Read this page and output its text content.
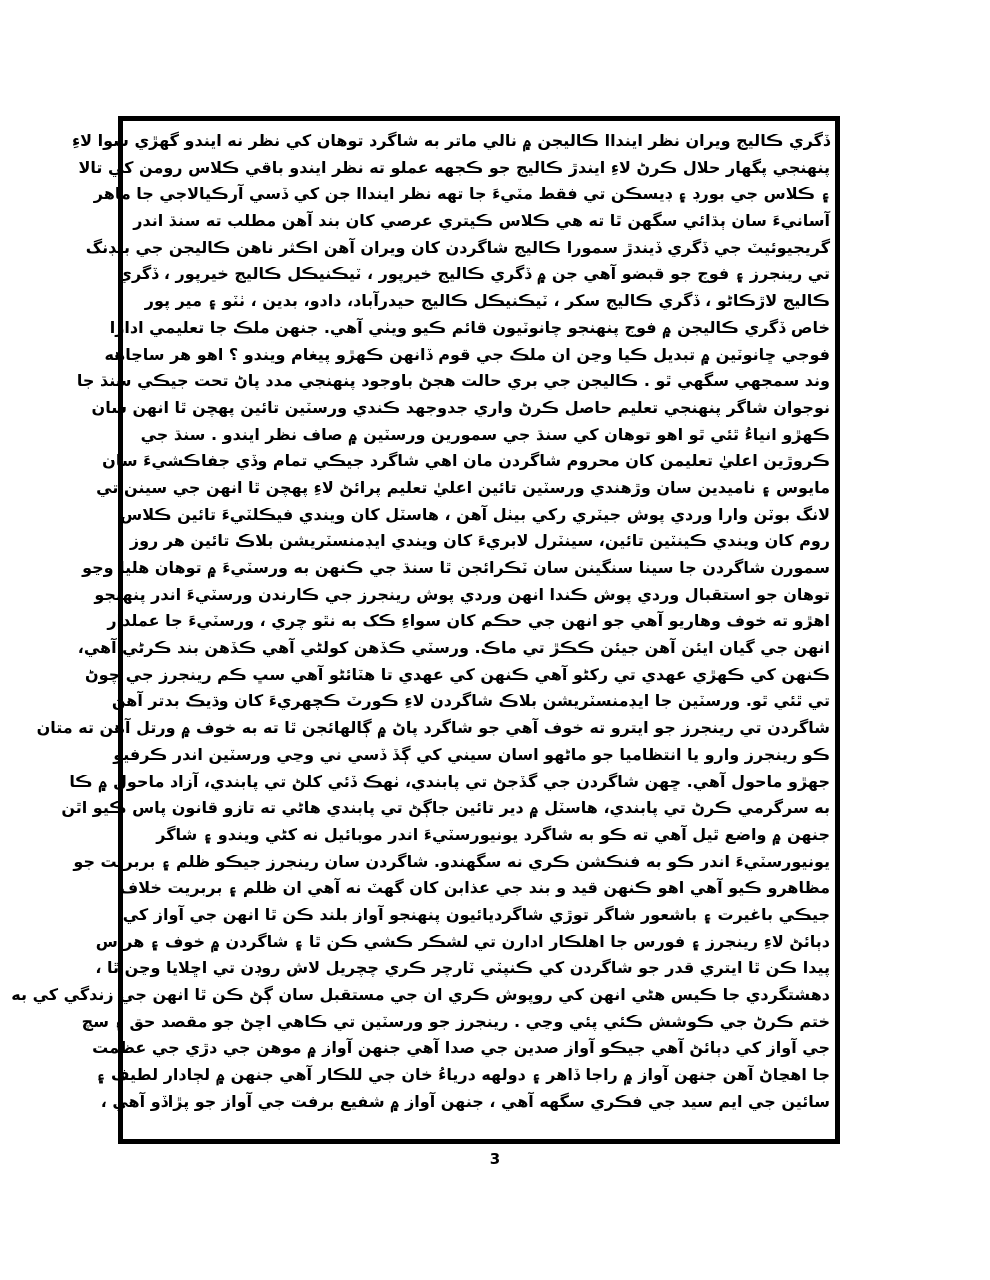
ڏگري ڪاليج ويران نظر اينداا ڪاليجن ۾ نالي ماتر به شاگرد توهان کي نظر نه ايندو گهڙي سوا لاءِ
پنهنجي پگهار حلال ڪرڻ لاءِ ايندڙ ڪاليج جو ڪجهه عملو ته نظر ايندو باقي ڪلاس رومن کي تالا
۽ ڪلاس جي بورڊ ۽ ڊيسڪن تي فقط مٽيءَ جا تهه نظر اينداا جن کي ڏسي آرڪيالاجي جا ماهر
آسانيءَ سان ٻڌائي سگهن ٿا ته هي ڪلاس ڪيتري عرصي کان بند آهن مطلب ته سنڌ اندر
گريجيوئيٽ جي ڏگري ڏيندڙ سمورا ڪاليج شاگردن کان ويران آهن اڪثر ناهن ڪاليجن جي بلڊنگ
تي رينجرز ۽ فوج جو قبضو آهي جن ۾ ڏگري ڪاليج خيرپور ، ٽيڪنيڪل ڪاليج خيرپور ، ڏگري
ڪاليج لاڙڪاڻو ، ڏگري ڪاليج سکر ، ٽيڪنيڪل ڪاليج حيدرآباد، دادو، بدين ، ٺٽو ۽ مير پور
خاص ڏگري ڪاليجن ۾ فوج پنهنجو چانوٽيون قائم ڪيو ويٺي آهي. جنهن ملڪ جا تعليمي ادارا
فوجي ڇانوٽين ۾ تبديل ڪيا وڃن ان ملڪ جي قوم ڏانهن ڪهڙو پيغام ويندو ؟ اهو هر ساڃاهه
وند سمجهي سگهي ٿو . ڪاليجن جي بري حالت هجڻ باوجود پنهنجي مدد پاڻ تحت جيڪي سنڌ جا
نوجوان شاگر پنهنجي تعليم حاصل ڪرڻ واري جدوجهد ڪندي ورسٽين تائين پهچن ٿا انهن سان
ڪهڙو انياءُ ٿئي ٿو اهو توهان کي سنڌ جي سمورين ورسٽين ۾ صاف نظر ايندو . سنڌ جي
ڪروڙين اعليٰ تعليمن کان محروم شاگردن مان اهي شاگرد جيڪي تمام وڏي جفاڪشيءَ سان
مايوس ۽ ناميدين سان وڙهندي ورسٽين تائين اعليٰ تعليم پرائڻ لاءِ پهچن ٿا انهن جي سينن تي
لانگ بوٽن وارا وردي پوش جيٽري رکي بيٺل آهن ، هاسٽل کان ويندي فيڪلٽيءَ تائين ڪلاس
روم کان ويندي ڪينٽين تائين، سينٽرل لابريءَ کان ويندي ايڊمنسٽريشن بلاڪ تائين هر روز
سمورن شاگردن جا سينا سنگينن سان ٽڪرائجن ٿا سنڌ جي ڪنهن به ورسٽيءَ ۾ توهان هليا وڃو
توهان جو استقبال وردي پوش ڪندا انهن وردي پوش رينجرز جي ڪارندن ورسٽيءَ اندر پنهنجو
اهڙو ته خوف وهاريو آهي جو انهن جي حڪم کان سواءِ ڪک به نٿو چري ، ورسٽيءَ جا عملدار
انهن جي گيان ايئن آهن جيئن ڪڪڙ تي ماڪ. ورسٽي ڪڏهن کولڻي آهي ڪڏهن بند ڪرڻي آهي،
ڪنهن کي ڪهڙي عهدي تي رکڻو آهي ڪنهن کي عهدي تا هٽائڻو آهي سڀ ڪم رينجرز جي چوڻ
تي ٿئي ٿو. ورسٽين جا ايڊمنسٽريشن بلاڪ شاگردن لاءِ ڪورٽ ڪچهريءَ کان وڌيڪ بدتر آهن
شاگردن تي رينجرز جو ايترو ته خوف آهي جو شاگرد پاڻ ۾ ڳالهائجن ٿا ته به خوف ۾ ورتل آهن ته متان
ڪو رينجرز وارو يا انتظاميا جو ماڻهو اسان سيني کي ڳڏ ڏسي ني وڃي ورسٽين اندر ڪرفيو
جهڙو ماحول آهي. ڇهن شاگردن جي گڏجڻ تي پابندي، ٺهڪ ڏئي کلڻ تي پابندي، آزاد ماحول ۾ ڪا
به سرگرمي ڪرڻ تي پابندي، هاسٽل ۾ دير تائين جاڳڻ تي پابندي هاڻي ته تازو قانون پاس ڪيو اٿن
جنهن ۾ واضع ٿيل آهي ته ڪو به شاگرد يونيورسٽيءَ اندر موبائيل نه کڻي ويندو ۽ شاگر
يونيورسٽيءَ اندر ڪو به فنڪشن ڪري نه سگهندو. شاگردن سان رينجرز جيڪو ظلم ۽ بربريت جو
مظاهرو ڪيو آهي اهو ڪنهن قيد و بند جي عذابن کان گهٽ نه آهي ان ظلم ۽ بربريت خلاف
جيڪي باغيرت ۽ باشعور شاگر توڙي شاگرديائيون پنهنجو آواز بلند ڪن ٿا انهن جي آواز کي
دٻائڻ لاءِ رينجرز ۽ فورس جا اهلڪار ادارن تي لشڪر ڪشي ڪن ٿا ۽ شاگردن ۾ خوف ۽ هراس
پيدا ڪن ٿا ايتري قدر جو شاگردن کي ڪنپٽي ٽارچر ڪري چچريل لاش روڊن تي اڇلايا وڃن ٿا ،
دهشتگردي جا ڪيس هڻي انهن کي روپوش ڪري ان جي مستقبل سان ڳڻ ڪن ٿا انهن جي زندگي کي به
ختم ڪرڻ جي ڪوشش ڪئي پئي وڃي . رينجرز جو ورسٽين تي ڪاهي اچڻ جو مقصد حق ۽ سچ
جي آواز کي دٻائڻ آهي جيڪو آواز صدين جي صدا آهي جنهن آواز ۾ موهن جي دڙي جي عظمت
جا اهڃاڻ آهن جنهن آواز ۾ راجا ڏاهر ۽ دولهه درياءُ خان جي للڪار آهي جنهن ۾ لڄادار لطيف ۽
سائين جي ايم سيد جي فڪري سگهه آهي ، جنهن آواز ۾ شفيع برفت جي آواز جو پڙاڏو آهي ،
3
